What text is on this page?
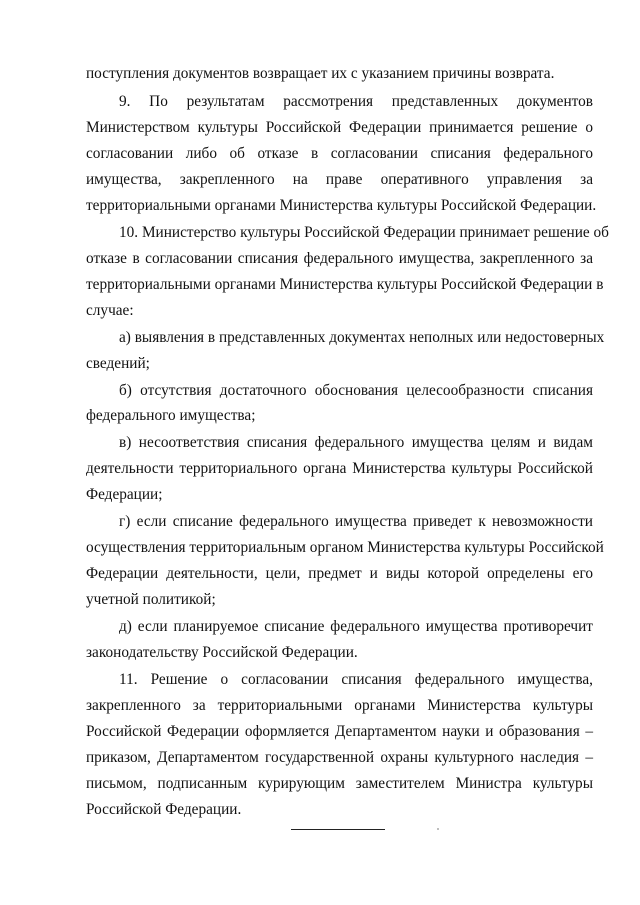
поступления документов возвращает их с указанием причины возврата.
9. По результатам рассмотрения представленных документов
Министерством культуры Российской Федерации принимается решение о
согласовании либо об отказе в согласовании списания федерального
имущества, закрепленного на праве оперативного управления за
территориальными органами Министерства культуры Российской Федерации.
10. Министерство культуры Российской Федерации принимает решение об
отказе в согласовании списания федерального имущества, закрепленного за
территориальными органами Министерства культуры Российской Федерации в
случае:
а) выявления в представленных документах неполных или недостоверных
сведений;
б) отсутствия достаточного обоснования целесообразности списания
федерального имущества;
в) несоответствия списания федерального имущества целям и видам
деятельности территориального органа Министерства культуры Российской
Федерации;
г) если списание федерального имущества приведет к невозможности
осуществления территориальным органом Министерства культуры Российской
Федерации деятельности, цели, предмет и виды которой определены его
учетной политикой;
д) если планируемое списание федерального имущества противоречит
законодательству Российской Федерации.
11. Решение о согласовании списания федерального имущества,
закрепленного за территориальными органами Министерства культуры
Российской Федерации оформляется Департаментом науки и образования –
приказом, Департаментом государственной охраны культурного наследия –
письмом, подписанным курирующим заместителем Министра культуры
Российской Федерации.
